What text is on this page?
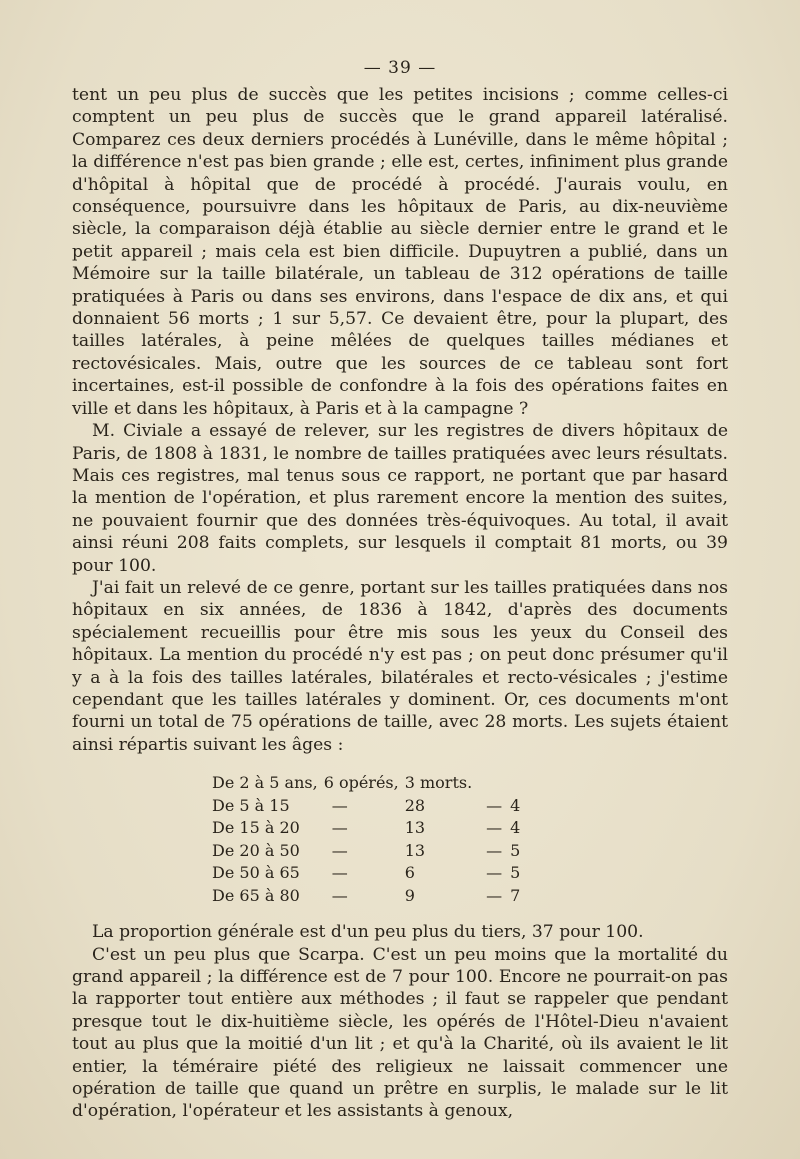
— 39 —

tent un peu plus de succès que les petites incisions ; comme celles-ci comptent un peu plus de succès que le grand appareil latéralisé. Comparez ces deux derniers procédés à Lunéville, dans le même hôpital ; la différence n'est pas bien grande ; elle est, certes, infiniment plus grande d'hôpital à hôpital que de procédé à procédé. J'aurais voulu, en conséquence, poursuivre dans les hôpitaux de Paris, au dix-neuvième siècle, la comparaison déjà établie au siècle dernier entre le grand et le petit appareil ; mais cela est bien difficile. Dupuytren a publié, dans un Mémoire sur la taille bilatérale, un tableau de 312 opérations de taille pratiquées à Paris ou dans ses environs, dans l'espace de dix ans, et qui donnaient 56 morts ; 1 sur 5,57. Ce devaient être, pour la plupart, des tailles latérales, à peine mêlées de quelques tailles médianes et rectovésicales. Mais, outre que les sources de ce tableau sont fort incertaines, est-il possible de confondre à la fois des opérations faites en ville et dans les hôpitaux, à Paris et à la campagne ?

M. Civiale a essayé de relever, sur les registres de divers hôpitaux de Paris, de 1808 à 1831, le nombre de tailles pratiquées avec leurs résultats. Mais ces registres, mal tenus sous ce rapport, ne portant que par hasard la mention de l'opération, et plus rarement encore la mention des suites, ne pouvaient fournir que des données très-équivoques. Au total, il avait ainsi réuni 208 faits complets, sur lesquels il comptait 81 morts, ou 39 pour 100.

J'ai fait un relevé de ce genre, portant sur les tailles pratiquées dans nos hôpitaux en six années, de 1836 à 1842, d'après des documents spécialement recueillis pour être mis sous les yeux du Conseil des hôpitaux. La mention du procédé n'y est pas ; on peut donc présumer qu'il y a à la fois des tailles latérales, bilatérales et recto-vésicales ; j'estime cependant que les tailles latérales y dominent. Or, ces documents m'ont fourni un total de 75 opérations de taille, avec 28 morts. Les sujets étaient ainsi répartis suivant les âges :

De 2 à 5 ans,	6 opérés,	3 morts.		
De 5 à 15	—	28	—	4
De 15 à 20	—	13	—	4
De 20 à 50	—	13	—	5
De 50 à 65	—	6	—	5
De 65 à 80	—	9	—	7

La proportion générale est d'un peu plus du tiers, 37 pour 100.

C'est un peu plus que Scarpa. C'est un peu moins que la mortalité du grand appareil ; la différence est de 7 pour 100. Encore ne pourrait-on pas la rapporter tout entière aux méthodes ; il faut se rappeler que pendant presque tout le dix-huitième siècle, les opérés de l'Hôtel-Dieu n'avaient tout au plus que la moitié d'un lit ; et qu'à la Charité, où ils avaient le lit entier, la téméraire piété des religieux ne laissait commencer une opération de taille que quand un prêtre en surplis, le malade sur le lit d'opération, l'opérateur et les assistants à genoux,
